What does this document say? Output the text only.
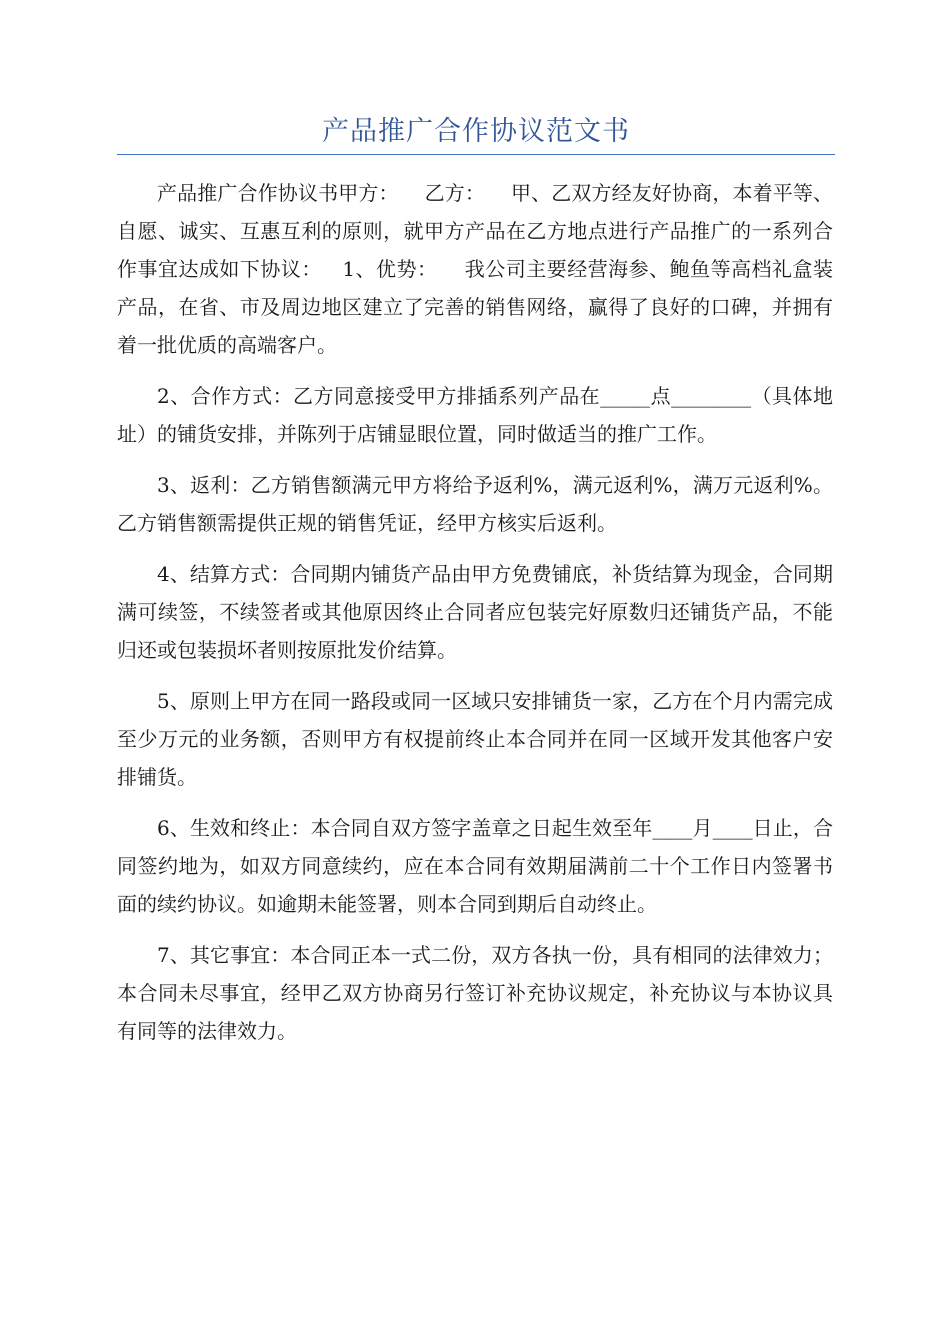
产品推广合作协议范文书

产品推广合作协议书甲方：    乙方：    甲、乙双方经友好协商，本着平等、自愿、诚实、互惠互利的原则，就甲方产品在乙方地点进行产品推广的一系列合作事宜达成如下协议：   1、优势：    我公司主要经营海参、鲍鱼等高档礼盒装产品，在省、市及周边地区建立了完善的销售网络，赢得了良好的口碑，并拥有着一批优质的高端客户。

2、合作方式：乙方同意接受甲方排插系列产品在_____点________（具体地址）的铺货安排，并陈列于店铺显眼位置，同时做适当的推广工作。

3、返利：乙方销售额满元甲方将给予返利%，满元返利%，满万元返利%。乙方销售额需提供正规的销售凭证，经甲方核实后返利。

4、结算方式：合同期内铺货产品由甲方免费铺底，补货结算为现金，合同期满可续签，不续签者或其他原因终止合同者应包装完好原数归还铺货产品，不能归还或包装损坏者则按原批发价结算。

5、原则上甲方在同一路段或同一区域只安排铺货一家，乙方在个月内需完成至少万元的业务额，否则甲方有权提前终止本合同并在同一区域开发其他客户安排铺货。

6、生效和终止：本合同自双方签字盖章之日起生效至年____月____日止，合同签约地为，如双方同意续约，应在本合同有效期届满前二十个工作日内签署书面的续约协议。如逾期未能签署，则本合同到期后自动终止。

7、其它事宜：本合同正本一式二份，双方各执一份，具有相同的法律效力；            本合同未尽事宜，经甲乙双方协商另行签订补充协议规定，补充协议与本协议具有同等的法律效力。
